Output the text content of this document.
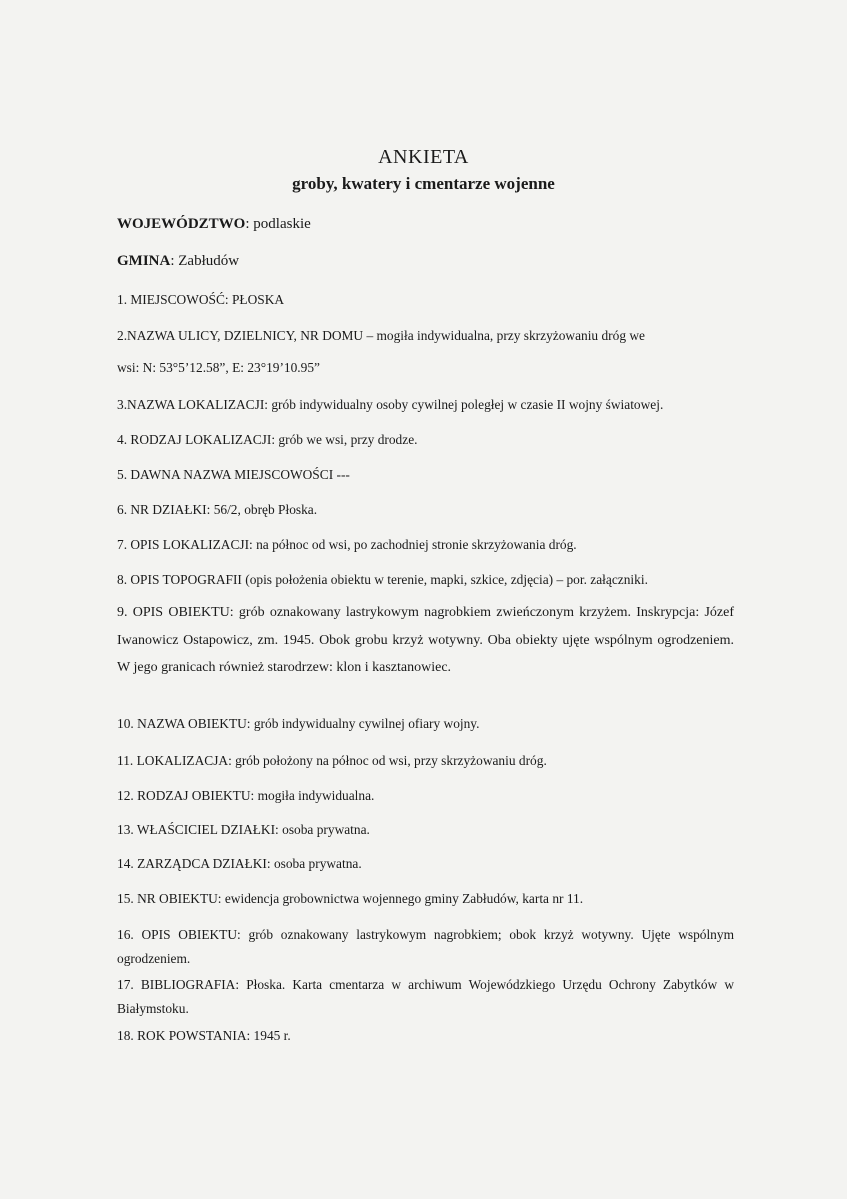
ANKIETA
groby, kwatery i cmentarze wojenne
WOJEWÓDZTWO: podlaskie
GMINA: Zabłudów
1. MIEJSCOWOŚĆ: PŁOSKA
2.NAZWA ULICY, DZIELNICY, NR DOMU – mogiła indywidualna, przy skrzyżowaniu dróg we
wsi: N: 53°5’12.58”, E: 23°19’10.95”
3.NAZWA LOKALIZACJI: grób indywidualny osoby cywilnej poległej w czasie II wojny światowej.
4. RODZAJ LOKALIZACJI: grób we wsi, przy drodze.
5. DAWNA NAZWA MIEJSCOWOŚCI ---
6. NR DZIAŁKI: 56/2, obręb Płoska.
7. OPIS LOKALIZACJI: na północ od wsi, po zachodniej stronie skrzyżowania dróg.
8. OPIS TOPOGRAFII (opis położenia obiektu w terenie, mapki, szkice, zdjęcia) – por. załączniki.
9. OPIS OBIEKTU: grób oznakowany lastrykowym nagrobkiem zwieńczonym krzyżem. Inskrypcja: Józef Iwanowicz Ostapowicz, zm. 1945. Obok grobu krzyż wotywny. Oba obiekty ujęte wspólnym ogrodzeniem. W jego granicach również starodrzew: klon i kasztanowiec.
10. NAZWA OBIEKTU: grób indywidualny cywilnej ofiary wojny.
11. LOKALIZACJA: grób położony na północ od wsi, przy skrzyżowaniu dróg.
12. RODZAJ OBIEKTU: mogiła indywidualna.
13. WŁAŚCICIEL DZIAŁKI: osoba prywatna.
14. ZARZĄDCA DZIAŁKI: osoba prywatna.
15. NR OBIEKTU: ewidencja grobownictwa wojennego gminy Zabłudów, karta nr 11.
16. OPIS OBIEKTU: grób oznakowany lastrykowym nagrobkiem; obok krzyż wotywny. Ujęte wspólnym ogrodzeniem.
17. BIBLIOGRAFIA: Płoska. Karta cmentarza w archiwum Wojewódzkiego Urzędu Ochrony Zabytków w Białymstoku.
18. ROK POWSTANIA: 1945 r.
